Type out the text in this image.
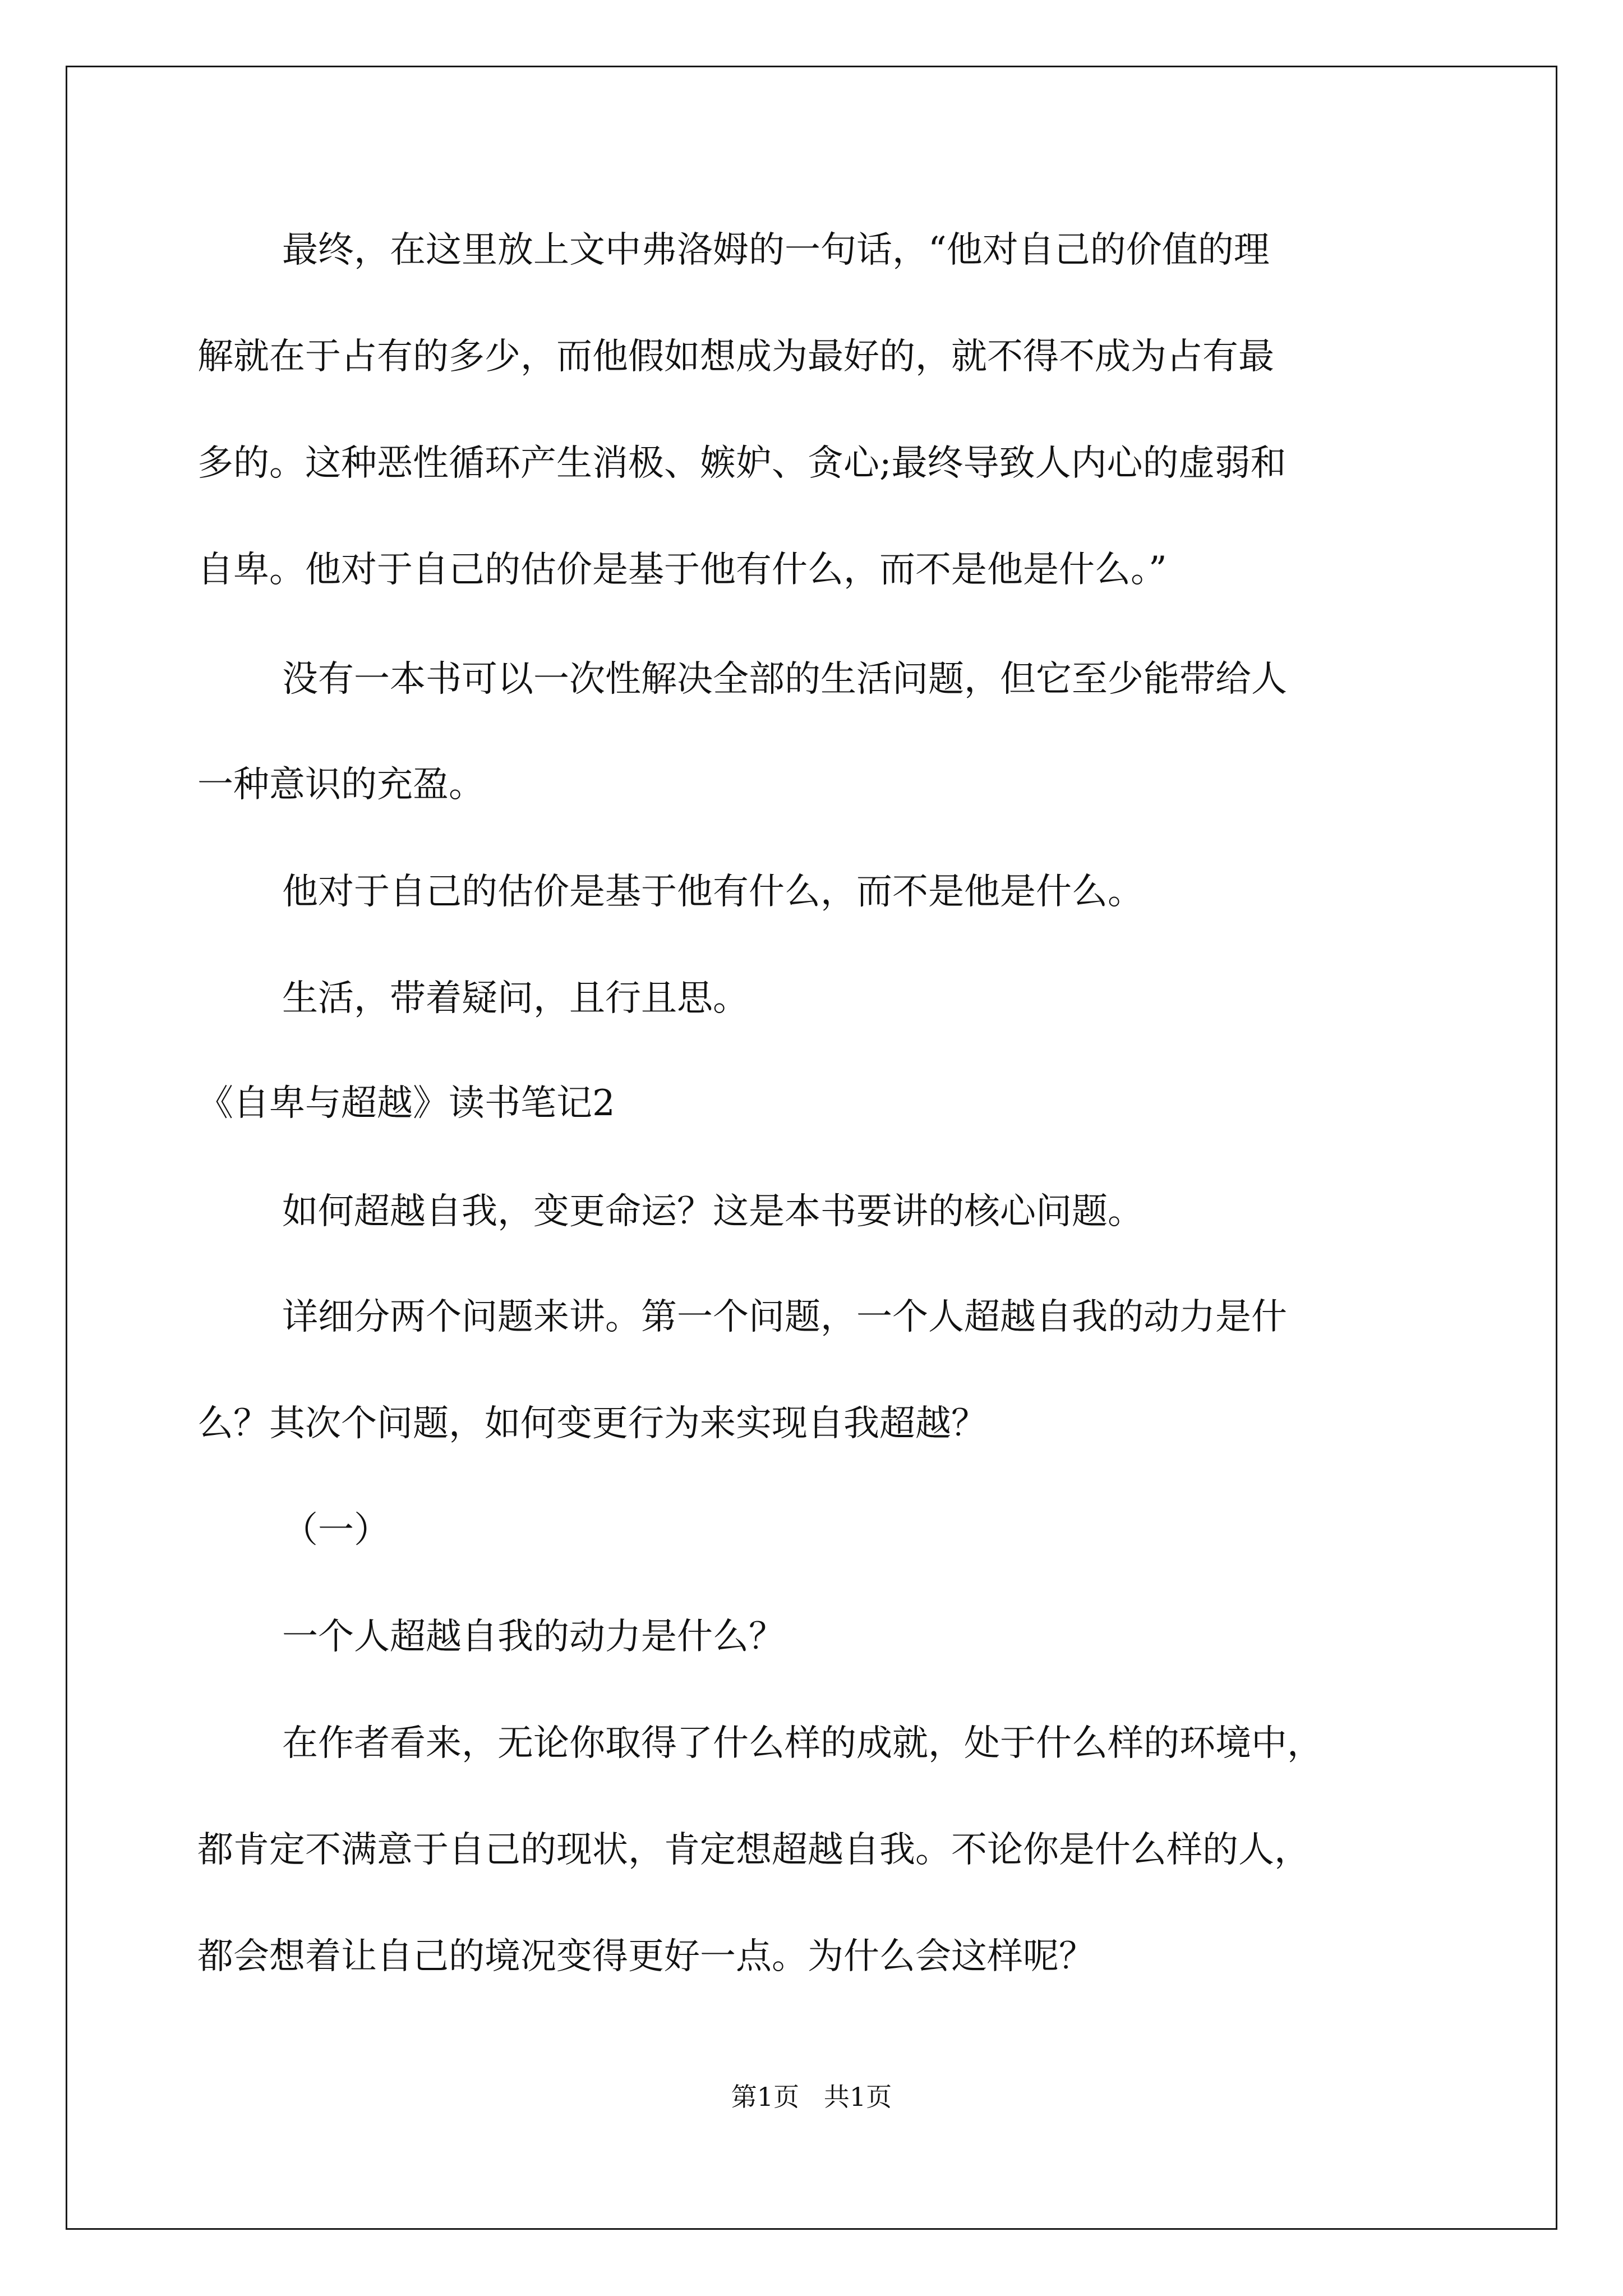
最终，在这里放上文中弗洛姆的一句话，“他对自己的价值的理
解就在于占有的多少，而他假如想成为最好的，就不得不成为占有最
多的。这种恶性循环产生消极、嫉妒、贪心;最终导致人内心的虚弱和
自卑。他对于自己的估价是基于他有什么，而不是他是什么。”
没有一本书可以一次性解决全部的生活问题，但它至少能带给人
一种意识的充盈。
他对于自己的估价是基于他有什么，而不是他是什么。
生活，带着疑问，且行且思。
《自卑与超越》读书笔记2
如何超越自我，变更命运？这是本书要讲的核心问题。
详细分两个问题来讲。第一个问题，一个人超越自我的动力是什
么？其次个问题，如何变更行为来实现自我超越？
（一）
一个人超越自我的动力是什么？
在作者看来，无论你取得了什么样的成就，处于什么样的环境中，
都肯定不满意于自己的现状，肯定想超越自我。不论你是什么样的人，
都会想着让自己的境况变得更好一点。为什么会这样呢？
第1页   共1页
